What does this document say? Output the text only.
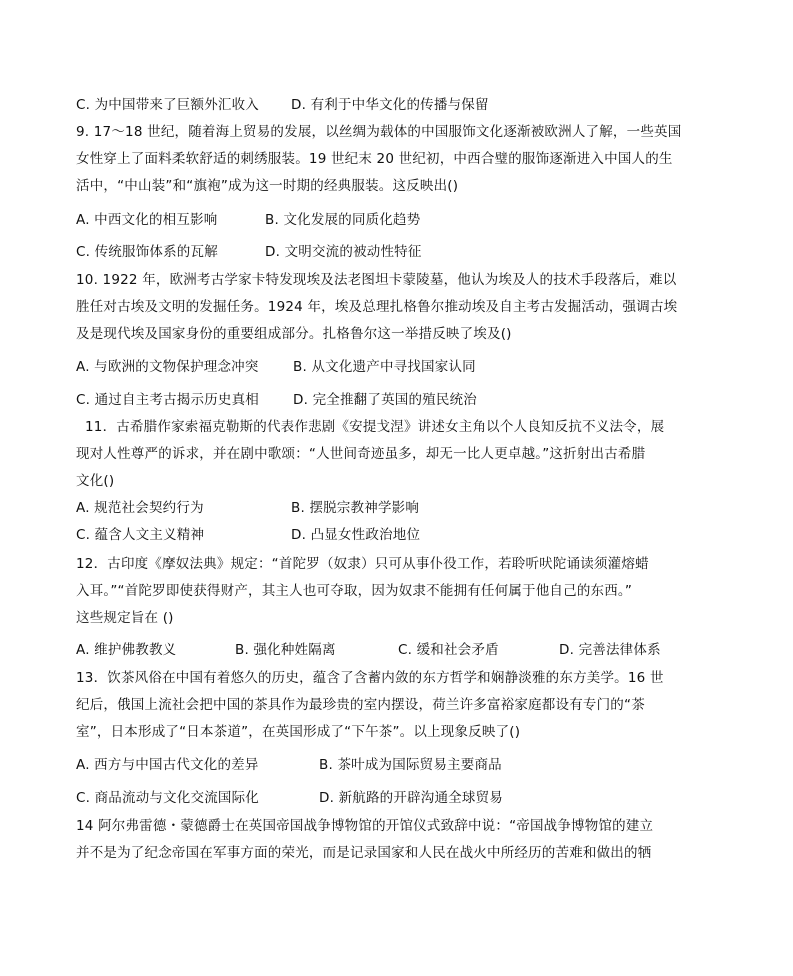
C. 为中国带来了巨额外汇收入 D. 有利于中华文化的传播与保留
9. 17～18 世纪，随着海上贸易的发展，以丝绸为载体的中国服饰文化逐渐被欧洲人了解，一些英国
女性穿上了面料柔软舒适的刺绣服装。19 世纪末 20 世纪初，中西合璧的服饰逐渐进入中国人的生
活中，“中山装”和“旗袍”成为这一时期的经典服装。这反映出()
A. 中西文化的相互影响	B. 文化发展的同质化趋势
C. 传统服饰体系的瓦解	D. 文明交流的被动性特征
10. 1922 年，欧洲考古学家卡特发现埃及法老图坦卡蒙陵墓，他认为埃及人的技术手段落后，难以
胜任对古埃及文明的发掘任务。1924 年，埃及总理扎格鲁尔推动埃及自主考古发掘活动，强调古埃
及是现代埃及国家身份的重要组成部分。扎格鲁尔这一举措反映了埃及()
A. 与欧洲的文物保护理念冲突	B. 从文化遗产中寻找国家认同
C. 通过自主考古揭示历史真相	D. 完全推翻了英国的殖民统治
11．古希腊作家索福克勒斯的代表作悲剧《安提戈涅》讲述女主角以个人良知反抗不义法令，展
现对人性尊严的诉求，并在剧中歌颂：“人世间奇迹虽多，却无一比人更卓越。”这折射出古希腊
文化()
A. 规范社会契约行为	B. 摆脱宗教神学影响
C. 蕴含人文主义精神	D. 凸显女性政治地位
12．古印度《摩奴法典》规定：“首陀罗（奴隶）只可从事仆役工作，若聆听吠陀诵读须灌熔蜡
入耳。”“首陀罗即使获得财产，其主人也可夺取，因为奴隶不能拥有任何属于他自己的东西。”
这些规定旨在 ()
A. 维护佛教教义	B. 强化种姓隔离	C. 缓和社会矛盾	D. 完善法律体系
13．饮茶风俗在中国有着悠久的历史，蕴含了含蓄内敛的东方哲学和娴静淡雅的东方美学。16 世
纪后，俄国上流社会把中国的茶具作为最珍贵的室内摆设，荷兰许多富裕家庭都设有专门的“茶
室”，日本形成了“日本茶道”，在英国形成了“下午茶”。以上现象反映了()
A. 西方与中国古代文化的差异	B. 茶叶成为国际贸易主要商品
C. 商品流动与文化交流国际化	D. 新航路的开辟沟通全球贸易
14 阿尔弗雷德・蒙德爵士在英国帝国战争博物馆的开馆仪式致辞中说：“帝国战争博物馆的建立
并不是为了纪念帝国在军事方面的荣光，而是记录国家和人民在战火中所经历的苦难和做出的牺
